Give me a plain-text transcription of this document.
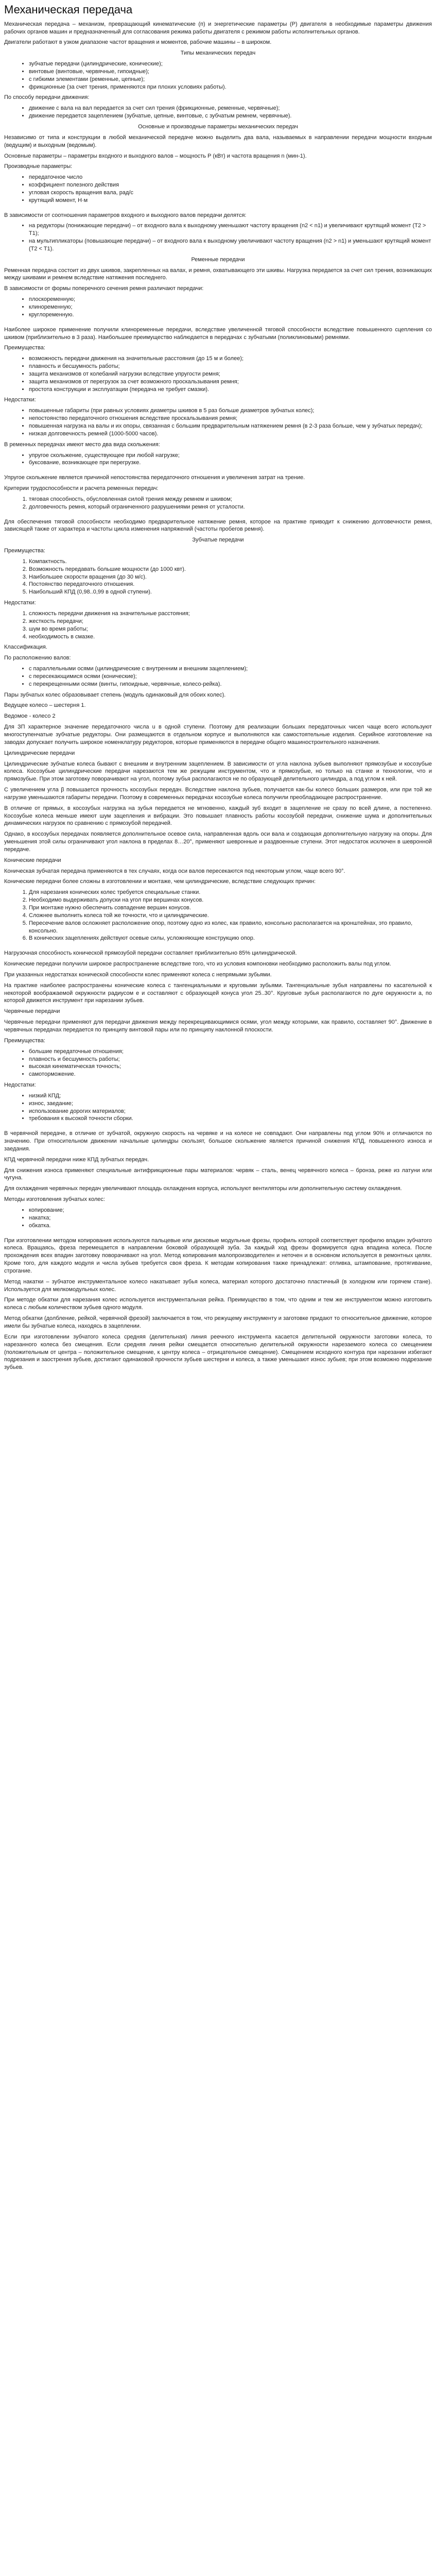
Механическая передача

Механическая передача – механизм, превращающий кинематические (п) и энергетические параметры (Р) двигателя в необходимые параметры движения рабочих органов машин и предназначенный для согласования режима работы двигателя с режимом работы исполнительных органов.

Двигатели работают в узком диапазоне частот вращения и моментов, рабочие машины – в широком.

Типы механических передач

• зубчатые передачи (цилиндрические, конические);
• винтовые (винтовые, червячные, гипоидные);
• с гибкими элементами (ременные, цепные);
• фрикционные (за счет трения, применяются при плохих условиях работы).

По способу передачи движения:

• движение с вала на вал передается за счет сил трения (фрикционные, ременные, червячные);
• движение передается зацеплением (зубчатые, цепные, винтовые, с зубчатым ремнем, червячные).

Основные и производные параметры механических передач

Независимо от типа и конструкции в любой механической передаче можно выделить два вала, называемых в направлении передачи мощности входным (ведущим) и выходным (ведомым).

Основные параметры – параметры входного и выходного валов – мощность Р (кВт) и частота вращения n (мин-1).

Производные параметры:

• передаточное число
• коэффициент полезного действия
• угловая скорость вращения вала, рад/с
• крутящий момент, Н·м

В зависимости от соотношения параметров входного и выходного валов передачи делятся:

• на редукторы (понижающие передачи) – от входного вала к выходному уменьшают частоту вращения (n2 < n1) и увеличивают крутящий момент (T2 > T1);
• на мультипликаторы (повышающие передачи) – от входного вала к выходному увеличивают частоту вращения (n2 > n1) и уменьшают крутящий момент (T2 < T1).

Ременные передачи

Ременная передача состоит из двух шкивов, закрепленных на валах, и ремня, охватывающего эти шкивы. Нагрузка передается за счет сил трения, возникающих между шкивами и ремнем вследствие натяжения последнего.

В зависимости от формы поперечного сечения ремня различают передачи:

• плоскоременную;
• клиноременную;
• круглоременную.

Наиболее широкое применение получили клиноременные передачи, вследствие увеличенной тяговой способности вследствие повышенного сцепления со шкивом (приблизительно в 3 раза). Наибольшее преимущество наблюдается в передачах с зубчатыми (поликлиновыми) ремнями.

Преимущества:

• возможность передачи движения на значительные расстояния (до 15 м и более);
• плавность и бесшумность работы;
• защита механизмов от колебаний нагрузки вследствие упругости ремня;
• защита механизмов от перегрузок за счет возможного проскальзывания ремня;
• простота конструкции и эксплуатации (передача не требует смазки).

Недостатки:

• повышенные габариты (при равных условиях диаметры шкивов в 5 раз больше диаметров зубчатых колес);
• непостоянство передаточного отношения вследствие проскальзывания ремня;
• повышенная нагрузка на валы и их опоры, связанная с большим предварительным натяжением ремня (в 2-3 раза больше, чем у зубчатых передач);
• низкая долговечность ремней (1000-5000 часов).

В ременных передачах имеют место два вида скольжения:

• упругое скольжение, существующее при любой нагрузке;
• буксование, возникающее при перегрузке.

Упругое скольжение является причиной непостоянства передаточного отношения и увеличения затрат на трение.

Критерии трудоспособности и расчета ременных передач:

1. тяговая способность, обусловленная силой трения между ремнем и шкивом;
2. долговечность ремня, который ограниченного разрушениями ремня от усталости.

Для обеспечения тяговой способности необходимо предварительное натяжение ремня, которое на практике приводит к снижению долговечности ремня, зависящей также от характера и частоты цикла изменения напряжений (частоты пробегов ремня).

Зубчатые передачи

Преимущества:

1. Компактность.
2. Возможность передавать большие мощности (до 1000 квт).
3. Наибольшее скорости вращения (до 30 м/с).
4. Постоянство передаточного отношения.
5. Наибольший КПД (0,98..0,99 в одной ступени).

Недостатки:

1. сложность передачи движения на значительные расстояния;
2. жесткость передачи;
3. шум во время работы;
4. необходимость в смазке.

Классификация.

По расположению валов:

• с параллельными осями (цилиндрические с внутренним и внешним зацеплением);
• с пересекающимися осями (конические);
• с перекрещенными осями (винты, гипоидные, червячные, колесо-рейка).

Пары зубчатых колес образовывает степень (модуль одинаковый для обоих колес).

Ведущее колесо – шестерня 1.

Ведомое - колесо 2

Для ЗП характерное значение передаточного числа u в одной ступени. Поэтому для реализации больших передаточных чисел чаще всего используют многоступенчатые зубчатые редукторы. Они размещаются в отдельном корпусе и выполняются как самостоятельные изделия. Серийное изготовление на заводах допускает получить широкое номенклатуру редукторов, которые применяются в передаче общего машиностроительного назначения.

Цилиндрические передачи

Цилиндрические зубчатые колеса бывают с внешним и внутренним зацеплением. В зависимости от угла наклона зубьев выполняют прямозубые и косозубые колеса. Косозубые цилиндрические передачи нарезаются тем же режущим инструментом, что и прямозубые, но только на станке и технологии, что и прямозубые. При этом заготовку поворачивают на угол, поэтому зубья располагаются не по образующей делительного цилиндра, а под углом к ней.

С увеличением угла β повышается прочность косозубых передач. Вследствие наклона зубьев, получается как-бы колесо больших размеров, или при той же нагрузке уменьшаются габариты передачи. Поэтому в современных передачах косозубые колеса получили преобладающее распространение.

В отличие от прямых, в косозубых нагрузка на зубья передается не мгновенно, каждый зуб входит в зацепление не сразу по всей длине, а постепенно. Косозубые колеса меньше имеют шум зацепления и вибрации. Это повышает плавность работы косозубой передачи, снижение шума и дополнительных динамических нагрузок по сравнению с прямозубой передачей.

Однако, в косозубых передачах появляется дополнительное осевое сила, направленная вдоль оси вала и создающая дополнительную нагрузку на опоры. Для уменьшения этой силы ограничивают угол наклона в пределах 8…20°, применяют шевронные и раздвоенные ступени. Этот недостаток исключен в шевронной передаче.

Конические передачи

Коническая зубчатая передача применяются в тех случаях, когда оси валов пересекаются под некоторым углом, чаще всего 90°.

Конические передачи более сложны в изготовлении и монтаже, чем цилиндрические, вследствие следующих причин:

1. Для нарезания конических колес требуется специальные станки.
2. Необходимо выдерживать допуски на угол при вершинах конусов.
3. При монтаже нужно обеспечить совпадение вершин конусов.
4. Сложнее выполнить колеса той же точности, что и цилиндрические.
5. Пересечение валов осложняет расположение опор, поэтому одно из колес, как правило, консольно располагается на кронштейнах, это правило, консольно.
6. В конических зацеплениях действуют осевые силы, усложняющие конструкцию опор.

Нагрузочная способность конической прямозубой передачи составляет приблизительно 85% цилиндрической.

Конические передачи получили широкое распространение вследствие того, что из условия компоновки необходимо расположить валы под углом.

При указанных недостатках конической способности колес применяют колеса с непрямыми зубьями.

На практике наиболее распространены конические колеса с тангенциальными и круговыми зубьями. Тангенциальные зубья направлены по касательной к некоторой воображаемой окружности радиусом e и составляют с образующей конуса угол 25..30°. Круговые зубья располагаются по дуге окружности а, по которой движется инструмент при нарезании зубьев.

Червячные передачи

Червячные передачи применяют для передачи движения между перекрещивающимися осями, угол между которыми, как правило, составляет 90°. Движение в червячных передачах передается по принципу винтовой пары или по принципу наклонной плоскости.

Преимущества:

• большие передаточные отношения;
• плавность и бесшумность работы;
• высокая кинематическая точность;
• самоторможение.

Недостатки:

• низкий КПД;
• износ, заедание;
• использование дорогих материалов;
• требования к высокой точности сборки.

В червячной передаче, в отличие от зубчатой, окружную скорость на червяке и на колесе не совпадают. Они направлены под углом 90% и отличаются по значению. При относительном движении начальные цилиндры скользят, большое скольжение является причиной снижения КПД, повышенного износа и заедания.

КПД червячной передачи ниже КПД зубчатых передач.

Для снижения износа применяют специальные антифрикционные пары материалов: червяк – сталь, венец червячного колеса – бронза, реже из латуни или чугуна.

Для охлаждения червячных передач увеличивают площадь охлаждения корпуса, используют вентиляторы или дополнительную систему охлаждения.

Методы изготовления зубчатых колес:

• копирование;
• накатка;
• обкатка.

При изготовлении методом копирования используются пальцевые или дисковые модульные фрезы, профиль которой соответствует профилю впадин зубчатого колеса. Вращаясь, фреза перемещается в направлении боковой образующей зуба. За каждый ход фрезы формируется одна впадина колеса. После прохождения всех впадин заготовку поворачивают на угол. Метод копирования малопроизводителен и неточен и в основном используется в ремонтных целях. Кроме того, для каждого модуля и числа зубьев требуется своя фреза. К методам копирования также принадлежат: отливка, штампование, протягивание, строгание.

Метод накатки – зубчатое инструментальное колесо накатывает зубья колеса, материал которого достаточно пластичный (в холодном или горячем стане). Используется для мелкомодульных колес.

При методе обкатки для нарезания колес используется инструментальная рейка. Преимущество в том, что одним и тем же инструментом можно изготовить колеса с любым количеством зубьев одного модуля.

Метод обкатки (долбление, рейкой, червячной фрезой) заключается в том, что режущему инструменту и заготовке придают то относительное движение, которое имели бы зубчатые колеса, находясь в зацеплении.

Если при изготовлении зубчатого колеса средняя (делительная) линия реечного инструмента касается делительной окружности заготовки колеса, то нарезанного колеса без смещения. Если средняя линия рейки смещается относительно делительной окружности нарезаемого колеса со смещением (положительным от центра – положительное смещение, к центру колеса – отрицательное смещение). Смещением исходного контура при нарезании избегают подрезания и заострения зубьев, достигают одинаковой прочности зубьев шестерни и колеса, а также уменьшают износ зубьев; при этом возможно подрезание зубьев.
